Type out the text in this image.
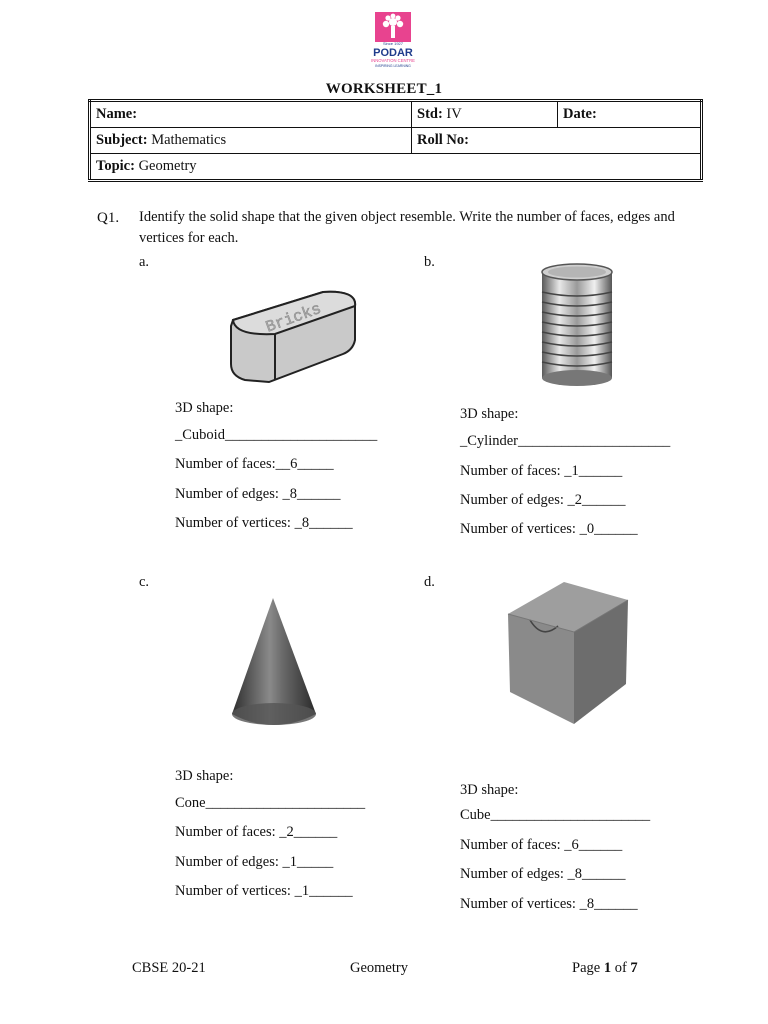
Since 1927
PODAR
INNOVATION CENTRE
INSPIRING LEARNING
WORKSHEET_1
Name:	Std: IV	Date:
Subject: Mathematics	Roll No:	
Topic: Geometry		
Q1. Identify the solid shape that the given object resemble. Write the number of faces, edges and vertices for each.
a.
Bricks
3D shape:
_Cuboid_____________________
Number of faces:__6_____
Number of edges: _8______
Number of vertices: _8______
b.
3D shape:
_Cylinder_____________________
Number of faces: _1______
Number of edges: _2______
Number of vertices: _0______
c.
3D shape:
Cone______________________
Number of faces: _2______
Number of edges: _1_____
Number of vertices: _1______
d.
3D shape:
Cube______________________
Number of faces: _6______
Number of edges: _8______
Number of vertices: _8______
CBSE 20-21	Geometry	Page 1 of 7
